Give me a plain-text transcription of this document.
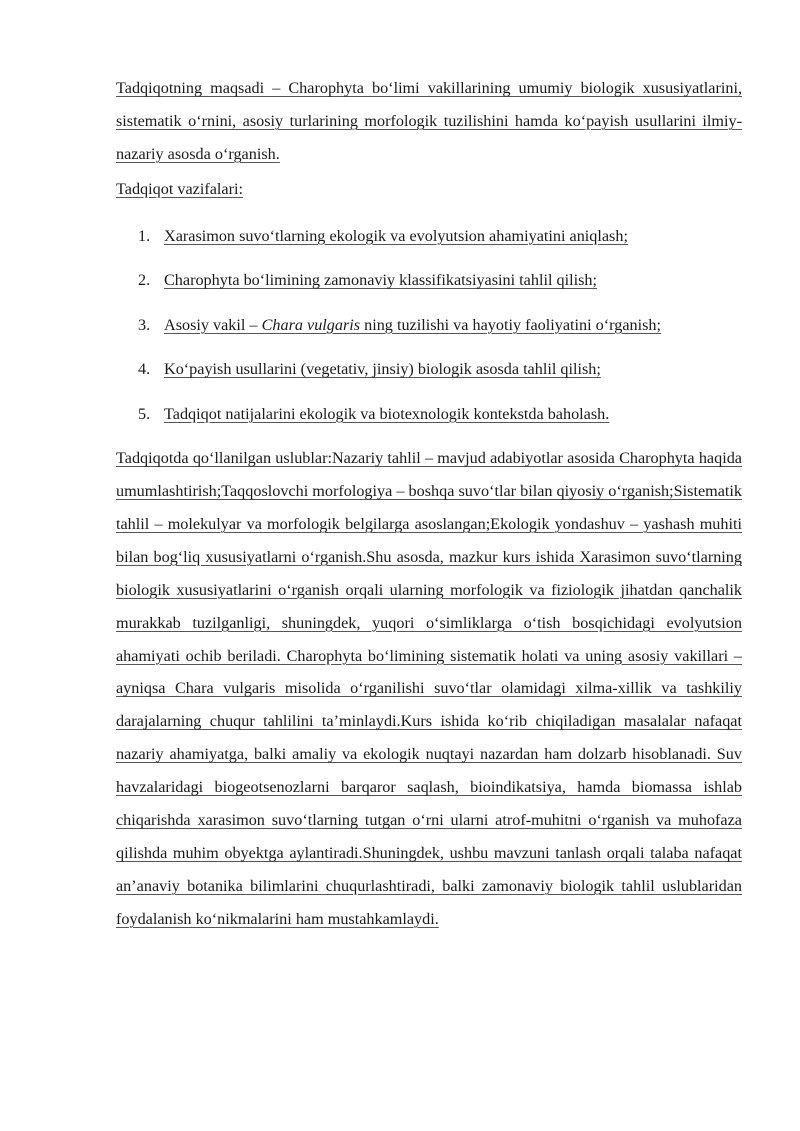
Tadqiqotning maqsadi – Charophyta bo‘limi vakillarining umumiy biologik xususiyatlarini, sistematik o‘rnini, asosiy turlarining morfologik tuzilishini hamda ko‘payish usullarini ilmiy-nazariy asosda o‘rganish.

Tadqiqot vazifalari:

1. Xarasimon suvo‘tlarning ekologik va evolyutsion ahamiyatini aniqlash;
2. Charophyta bo‘limining zamonaviy klassifikatsiyasini tahlil qilish;
3. Asosiy vakil – Chara vulgaris ning tuzilishi va hayotiy faoliyatini o‘rganish;
4. Ko‘payish usullarini (vegetativ, jinsiy) biologik asosda tahlil qilish;
5. Tadqiqot natijalarini ekologik va biotexnologik kontekstda baholash.

Tadqiqotda qo‘llanilgan uslublar:Nazariy tahlil – mavjud adabiyotlar asosida Charophyta haqida umumlashtirish;Taqqoslovchi morfologiya – boshqa suvo‘tlar bilan qiyosiy o‘rganish;Sistematik tahlil – molekulyar va morfologik belgilarga asoslangan;Ekologik yondashuv – yashash muhiti bilan bog‘liq xususiyatlarni o‘rganish.Shu asosda, mazkur kurs ishida Xarasimon suvo‘tlarning biologik xususiyatlarini o‘rganish orqali ularning morfologik va fiziologik jihatdan qanchalik murakkab tuzilganligi, shuningdek, yuqori o‘simliklarga o‘tish bosqichidagi evolyutsion ahamiyati ochib beriladi. Charophyta bo‘limining sistematik holati va uning asosiy vakillari – ayniqsa Chara vulgaris misolida o‘rganilishi suvo‘tlar olamidagi xilma-xillik va tashkiliy darajalarning chuqur tahlilini ta’minlaydi.Kurs ishida ko‘rib chiqiladigan masalalar nafaqat nazariy ahamiyatga, balki amaliy va ekologik nuqtayi nazardan ham dolzarb hisoblanadi. Suv havzalaridagi biogeotsenozlarni barqaror saqlash, bioindikatsiya, hamda biomassa ishlab chiqarishda xarasimon suvo‘tlarning tutgan o‘rni ularni atrof-muhitni o‘rganish va muhofaza qilishda muhim obyektga aylantiradi.Shuningdek, ushbu mavzuni tanlash orqali talaba nafaqat an’anaviy botanika bilimlarini chuqurlashtiradi, balki zamonaviy biologik tahlil uslublaridan foydalanish ko‘nikmalarini ham mustahkamlaydi.
